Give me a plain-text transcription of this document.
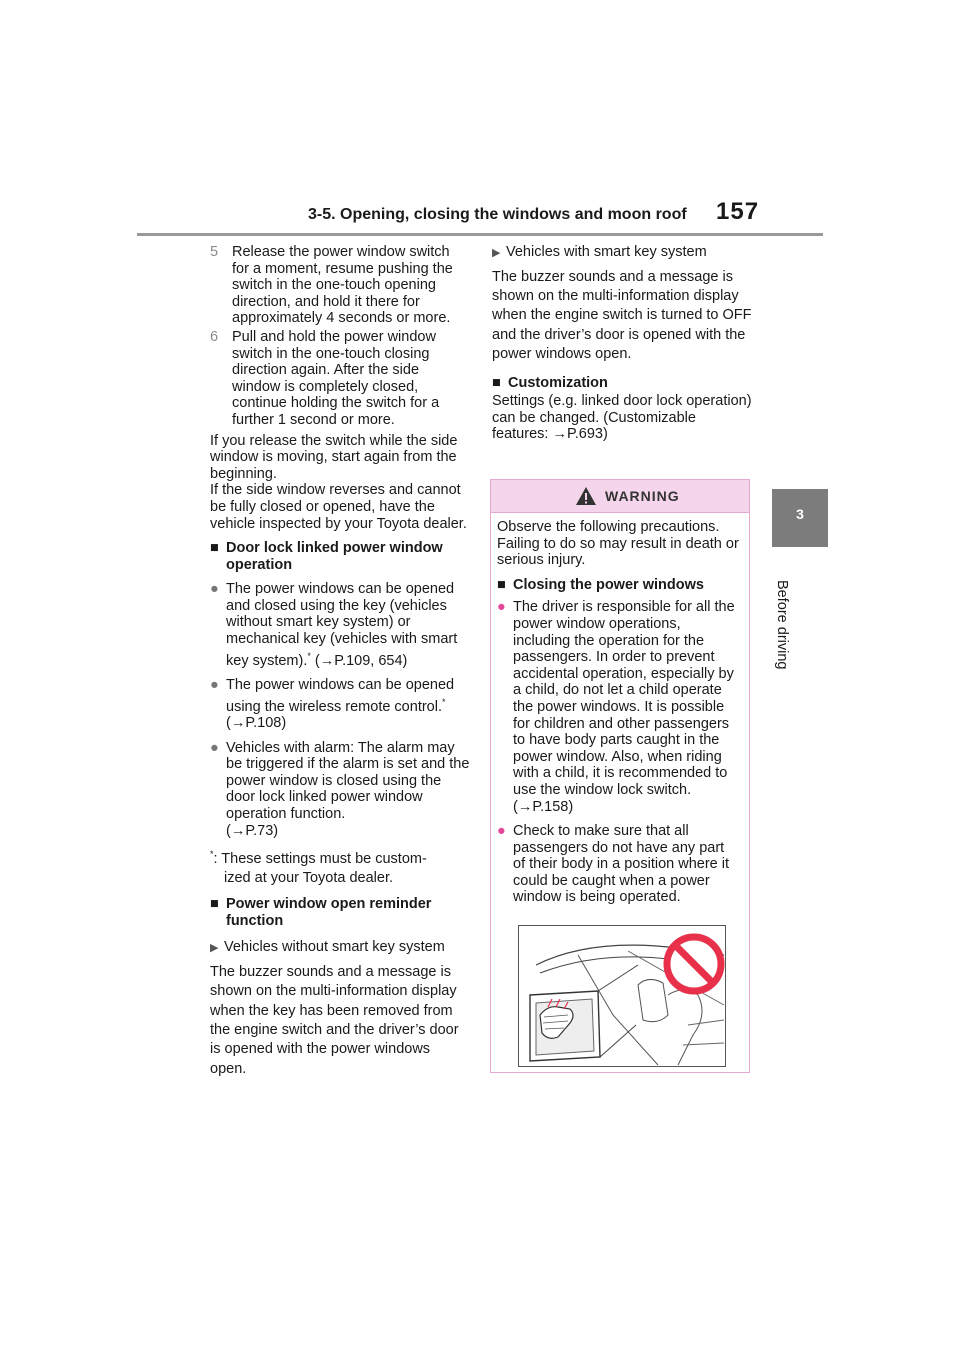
3-5. Opening, closing the windows and moon roof 157
3
Before driving
5 Release the power window switch for a moment, resume pushing the switch in the one-touch opening direction, and hold it there for approximately 4 seconds or more.
6 Pull and hold the power window switch in the one-touch closing direction again. After the side window is completely closed, continue holding the switch for a further 1 second or more.

If you release the switch while the side window is moving, start again from the beginning.

If the side window reverses and cannot be fully closed or opened, have the vehicle inspected by your Toyota dealer.

■ Door lock linked power window operation
● The power windows can be opened and closed using the key (vehicles without smart key system) or mechanical key (vehicles with smart key system).* (→P.109, 654)
● The power windows can be opened using the wireless remote control.* (→P.108)
● Vehicles with alarm: The alarm may be triggered if the alarm is set and the power window is closed using the door lock linked power window operation function.
(→P.73)
*: These settings must be custom-
ized at your Toyota dealer.
■ Power window open reminder function
▶ Vehicles without smart key system

The buzzer sounds and a message is shown on the multi-information display when the key has been removed from the engine switch and the driver’s door is opened with the power windows open.

▶ Vehicles with smart key system

The buzzer sounds and a message is shown on the multi-information display when the engine switch is turned to OFF and the driver’s door is opened with the power windows open.

■ Customization

Settings (e.g. linked door lock operation) can be changed. (Customizable features: →P.693)

WARNING

Observe the following precautions.

Failing to do so may result in death or serious injury.

■ Closing the power windows
● The driver is responsible for all the power window operations, including the operation for the passengers. In order to prevent accidental operation, especially by a child, do not let a child operate the power windows. It is possible for children and other passengers to have body parts caught in the power window. Also, when riding with a child, it is recommended to use the window lock switch. (→P.158)
● Check to make sure that all passengers do not have any part of their body in a position where it could be caught when a power window is being operated.
